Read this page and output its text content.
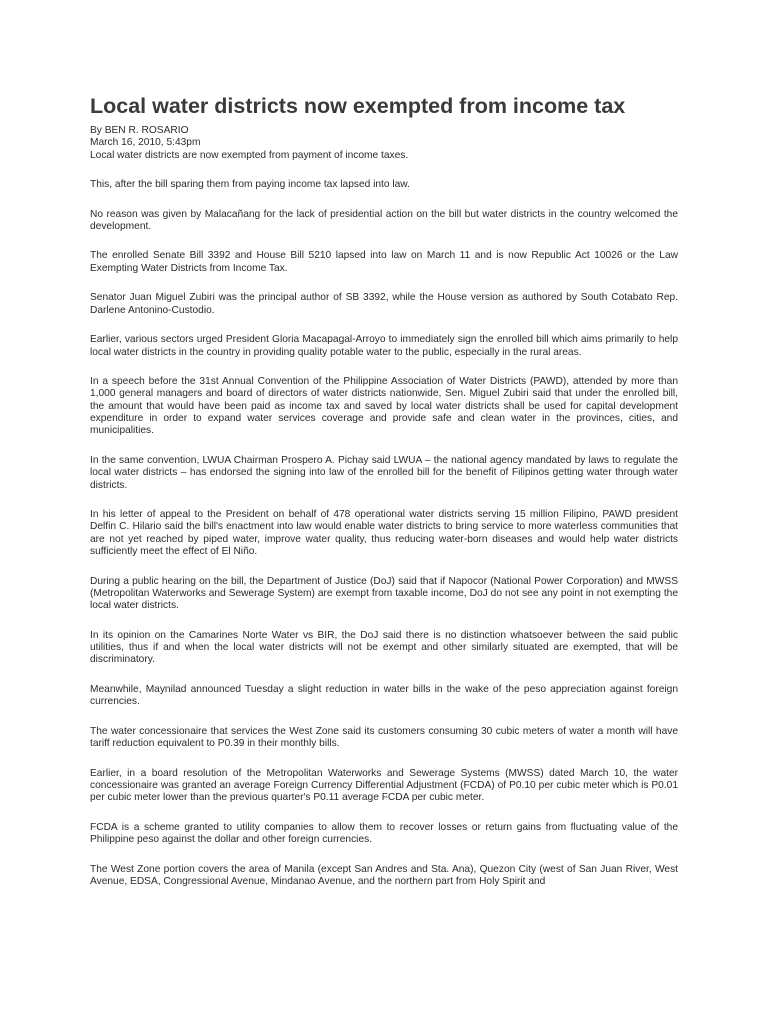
Local water districts now exempted from income tax
By BEN R. ROSARIO
March 16, 2010, 5:43pm
Local water districts are now exempted from payment of income taxes.

This, after the bill sparing them from paying income tax lapsed into law.

No reason was given by Malacañang for the lack of presidential action on the bill but water districts in the country welcomed the development.

The enrolled Senate Bill 3392 and House Bill 5210 lapsed into law on March 11 and is now Republic Act 10026 or the Law Exempting Water Districts from Income Tax.

Senator Juan Miguel Zubiri was the principal author of SB 3392, while the House version as authored by South Cotabato Rep. Darlene Antonino-Custodio.

Earlier, various sectors urged President Gloria Macapagal-Arroyo to immediately sign the enrolled bill which aims primarily to help local water districts in the country in providing quality potable water to the public, especially in the rural areas.

In a speech before the 31st Annual Convention of the Philippine Association of Water Districts (PAWD), attended by more than 1,000 general managers and board of directors of water districts nationwide, Sen. Miguel Zubiri said that under the enrolled bill, the amount that would have been paid as income tax and saved by local water districts shall be used for capital development expenditure in order to expand water services coverage and provide safe and clean water in the provinces, cities, and municipalities.

In the same convention, LWUA Chairman Prospero A. Pichay said LWUA – the national agency mandated by laws to regulate the local water districts – has endorsed the signing into law of the enrolled bill for the benefit of Filipinos getting water through water districts.

In his letter of appeal to the President on behalf of 478 operational water districts serving 15 million Filipino, PAWD president Delfin C. Hilario said the bill's enactment into law would enable water districts to bring service to more waterless communities that are not yet reached by piped water, improve water quality, thus reducing water-born diseases and would help water districts sufficiently meet the effect of El Niño.

During a public hearing on the bill, the Department of Justice (DoJ) said that if Napocor (National Power Corporation) and MWSS (Metropolitan Waterworks and Sewerage System) are exempt from taxable income, DoJ do not see any point in not exempting the local water districts.

In its opinion on the Camarines Norte Water vs BIR, the DoJ said there is no distinction whatsoever between the said public utilities, thus if and when the local water districts will not be exempt and other similarly situated are exempted, that will be discriminatory.

Meanwhile, Maynilad announced Tuesday a slight reduction in water bills in the wake of the peso appreciation against foreign currencies.

The water concessionaire that services the West Zone said its customers consuming 30 cubic meters of water a month will have tariff reduction equivalent to P0.39 in their monthly bills.

Earlier, in a board resolution of the Metropolitan Waterworks and Sewerage Systems (MWSS) dated March 10, the water concessionaire was granted an average Foreign Currency Differential Adjustment (FCDA) of P0.10 per cubic meter which is P0.01 per cubic meter lower than the previous quarter's P0.11 average FCDA per cubic meter.

FCDA is a scheme granted to utility companies to allow them to recover losses or return gains from fluctuating value of the Philippine peso against the dollar and other foreign currencies.

The West Zone portion covers the area of Manila (except San Andres and Sta. Ana), Quezon City (west of San Juan River, West Avenue, EDSA, Congressional Avenue, Mindanao Avenue, and the northern part from Holy Spirit and
